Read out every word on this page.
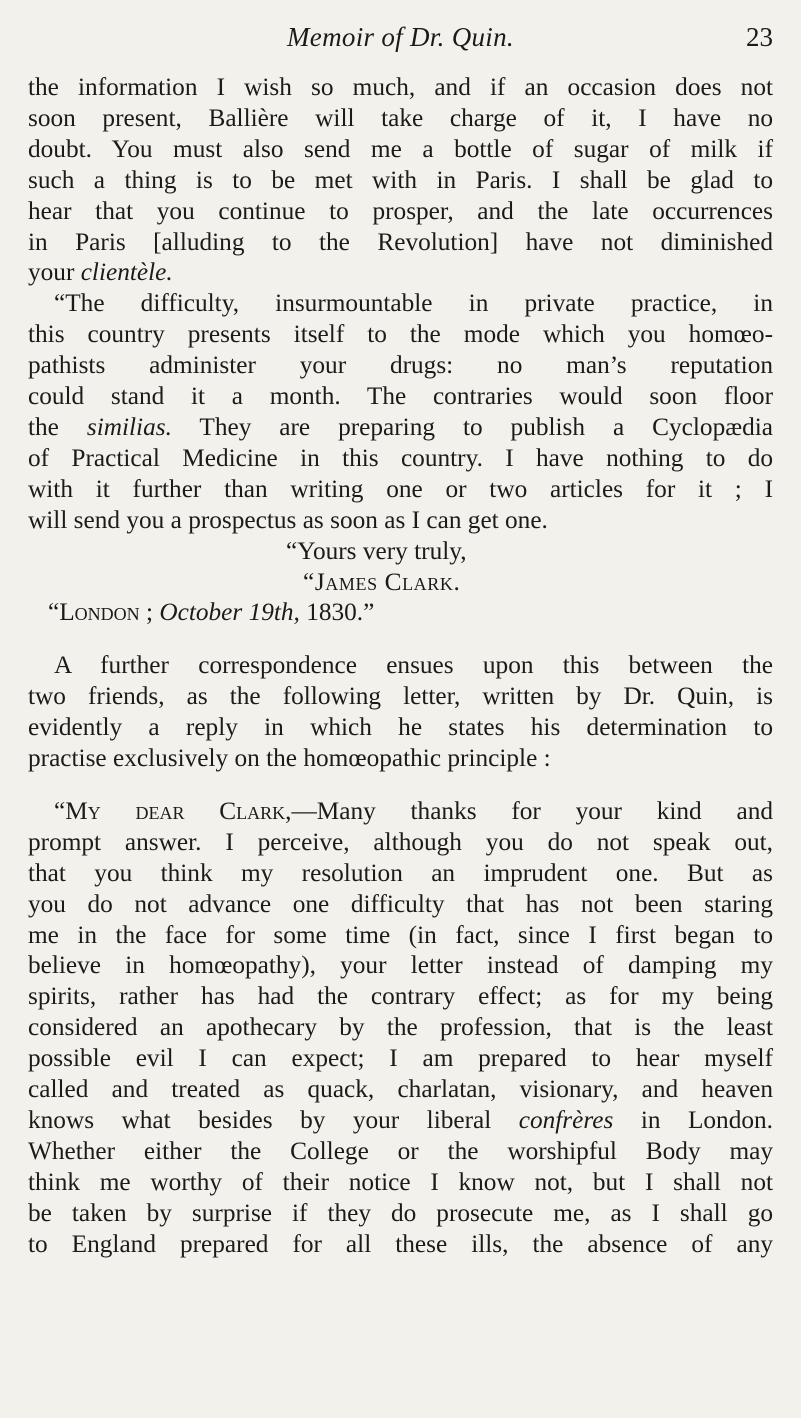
Memoir of Dr. Quin.	23
the information I wish so much, and if an occasion does not
soon present, Ballière will take charge of it, I have no
doubt. You must also send me a bottle of sugar of milk if
such a thing is to be met with in Paris. I shall be glad to
hear that you continue to prosper, and the late occurrences
in Paris [alluding to the Revolution] have not diminished
your clientèle.
“The difficulty, insurmountable in private practice, in
this country presents itself to the mode which you homœo-
pathists administer your drugs: no man’s reputation
could stand it a month. The contraries would soon floor
the similias. They are preparing to publish a Cyclopædia
of Practical Medicine in this country. I have nothing to do
with it further than writing one or two articles for it ; I
will send you a prospectus as soon as I can get one.
“Yours very truly,
“James Clark.
“London ; October 19th, 1830.”
A further correspondence ensues upon this between the
two friends, as the following letter, written by Dr. Quin, is
evidently a reply in which he states his determination to
practise exclusively on the homœopathic principle :
“My dear Clark,—Many thanks for your kind and
prompt answer. I perceive, although you do not speak out,
that you think my resolution an imprudent one. But as
you do not advance one difficulty that has not been staring
me in the face for some time (in fact, since I first began to
believe in homœopathy), your letter instead of damping my
spirits, rather has had the contrary effect; as for my being
considered an apothecary by the profession, that is the least
possible evil I can expect; I am prepared to hear myself
called and treated as quack, charlatan, visionary, and heaven
knows what besides by your liberal confrères in London.
Whether either the College or the worshipful Body may
think me worthy of their notice I know not, but I shall not
be taken by surprise if they do prosecute me, as I shall go
to England prepared for all these ills, the absence of any
